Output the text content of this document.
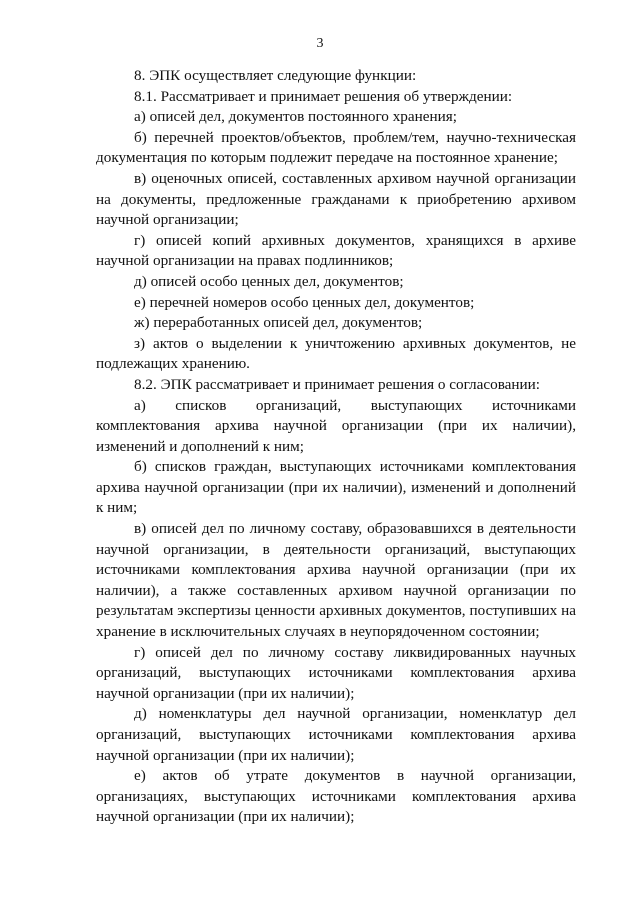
3

8. ЭПК осуществляет следующие функции:

8.1. Рассматривает и принимает решения об утверждении:

а) описей дел, документов постоянного хранения;

б) перечней проектов/объектов, проблем/тем, научно-техническая документация по которым подлежит передаче на постоянное хранение;

в) оценочных описей, составленных архивом научной организации на документы, предложенные гражданами к приобретению архивом научной организации;

г) описей копий архивных документов, хранящихся в архиве научной организации на правах подлинников;

д) описей особо ценных дел, документов;

е) перечней номеров особо ценных дел, документов;

ж) переработанных описей дел, документов;

з) актов о выделении к уничтожению архивных документов, не подлежащих хранению.

8.2. ЭПК рассматривает и принимает решения о согласовании:

а) списков организаций, выступающих источниками комплектования архива научной организации (при их наличии), изменений и дополнений к ним;

б) списков граждан, выступающих источниками комплектования архива научной организации (при их наличии), изменений и дополнений к ним;

в) описей дел по личному составу, образовавшихся в деятельности научной организации, в деятельности организаций, выступающих источниками комплектования архива научной организации (при их наличии), а также составленных архивом научной организации по результатам экспертизы ценности архивных документов, поступивших на хранение в исключительных случаях в неупорядоченном состоянии;

г) описей дел по личному составу ликвидированных научных организаций, выступающих источниками комплектования архива научной организации (при их наличии);

д) номенклатуры дел научной организации, номенклатур дел организаций, выступающих источниками комплектования архива научной организации (при их наличии);

е) актов об утрате документов в научной организации, организациях, выступающих источниками комплектования архива научной организации (при их наличии);
